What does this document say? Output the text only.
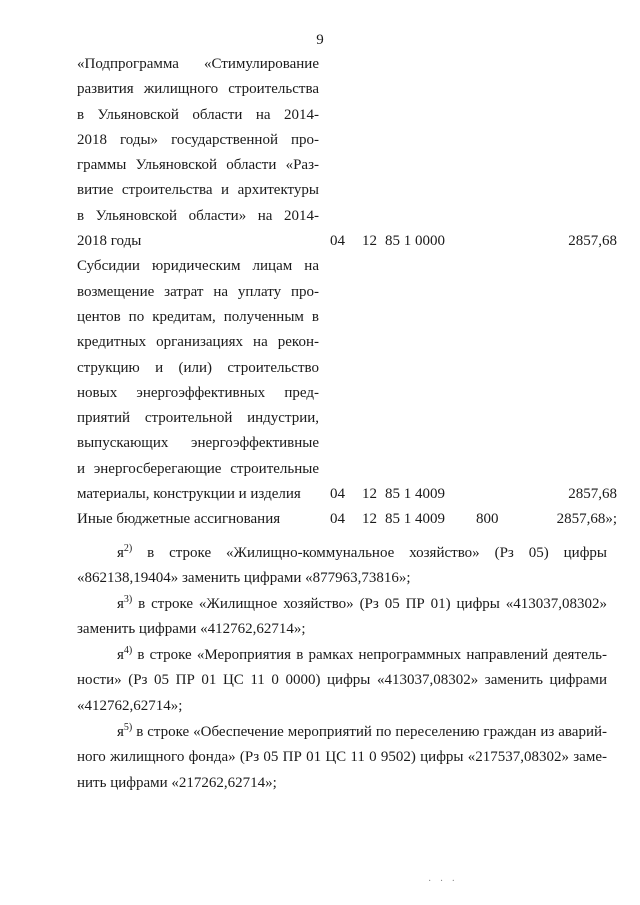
9
«Подпрограмма «Стимулирование
развития жилищного строительства
в Ульяновской области на 2014-
2018 годы» государственной про-
граммы Ульяновской области «Раз-
витие строительства и архитектуры
в Ульяновской области» на 2014-
2018 годы	04 12 85 1 0000	2857,68
Субсидии юридическим лицам на
возмещение затрат на уплату про-
центов по кредитам, полученным в
кредитных организациях на рекон-
струкцию и (или) строительство
новых энергоэффективных пред-
приятий строительной индустрии,
выпускающих энергоэффективные
и энергосберегающие строительные
материалы, конструкции и изделия	04 12 85 1 4009	2857,68
Иные бюджетные ассигнования	04 12 85 1 4009 800	2857,68»;
$я^{2)}$ в строке «Жилищно-коммунальное хозяйство» (Рз 05) цифры
«862138,19404» заменить цифрами «877963,73816»;
$я^{3)}$ в строке «Жилищное хозяйство» (Рз 05 ПР 01) цифры «413037,08302»
заменить цифрами «412762,62714»;
$я^{4)}$ в строке «Мероприятия в рамках непрограммных направлений деятель-
ности» (Рз 05 ПР 01 ЦС 11 0 0000) цифры «413037,08302» заменить цифрами
«412762,62714»;
$я^{5)}$ в строке «Обеспечение мероприятий по переселению граждан из аварий-
ного жилищного фонда» (Рз 05 ПР 01 ЦС 11 0 9502) цифры «217537,08302» заме-
нить цифрами «217262,62714»;
· · ·
